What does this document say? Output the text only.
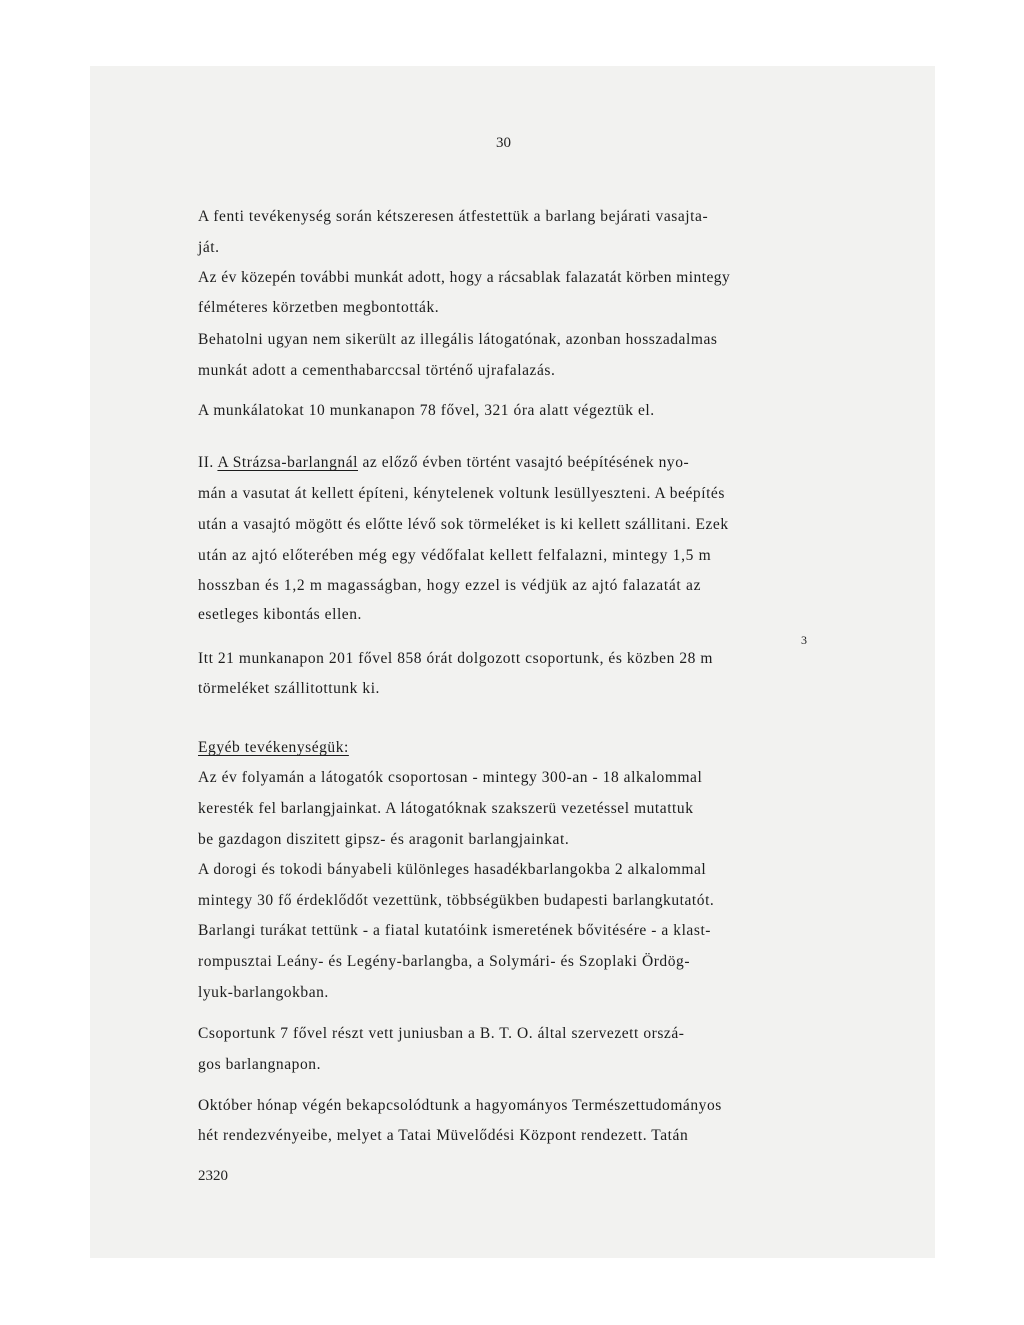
30
A fenti tevékenység során kétszeresen átfestettük a barlang bejárati vasajta-
ját.
Az év közepén további munkát adott, hogy a rácsablak falazatát körben mintegy
félméteres körzetben megbontották.
Behatolni ugyan nem sikerült az illegális látogatónak, azonban hosszadalmas
munkát adott a cementhabarccsal történő ujrafalazás.
A munkálatokat 10 munkanapon 78 fővel, 321 óra alatt végeztük el.
II. A Strázsa-barlangnál az előző évben történt vasajtó beépítésének nyo-
mán a vasutat át kellett építeni, kénytelenek voltunk lesüllyeszteni. A beépítés
után a vasajtó mögött és előtte lévő sok törmeléket is ki kellett szállitani. Ezek
után az ajtó előterében még egy védőfalat kellett felfalazni, mintegy 1,5 m
hosszban és 1,2 m magasságban, hogy ezzel is védjük az ajtó falazatát az
esetleges kibontás ellen.
Itt 21 munkanapon 201 fővel 858 órát dolgozott csoportunk, és közben 28 m
3
törmeléket szállitottunk ki.
Egyéb tevékenységük:
Az év folyamán a látogatók csoportosan - mintegy 300-an - 18 alkalommal
keresték fel barlangjainkat. A látogatóknak szakszerü vezetéssel mutattuk
be gazdagon diszitett gipsz- és aragonit barlangjainkat.
A dorogi és tokodi bányabeli különleges hasadékbarlangokba 2 alkalommal
mintegy 30 fő érdeklődőt vezettünk, többségükben budapesti barlangkutatót.
Barlangi turákat tettünk - a fiatal kutatóink ismeretének bővitésére - a klast-
rompusztai Leány- és Legény-barlangba, a Solymári- és Szoplaki Ördög-
lyuk-barlangokban.
Csoportunk 7 fővel részt vett juniusban a B. T. O. által szervezett orszá-
gos barlangnapon.
Október hónap végén bekapcsolódtunk a hagyományos Természettudományos
hét rendezvényeibe, melyet a Tatai Müvelődési Központ rendezett. Tatán
2320
